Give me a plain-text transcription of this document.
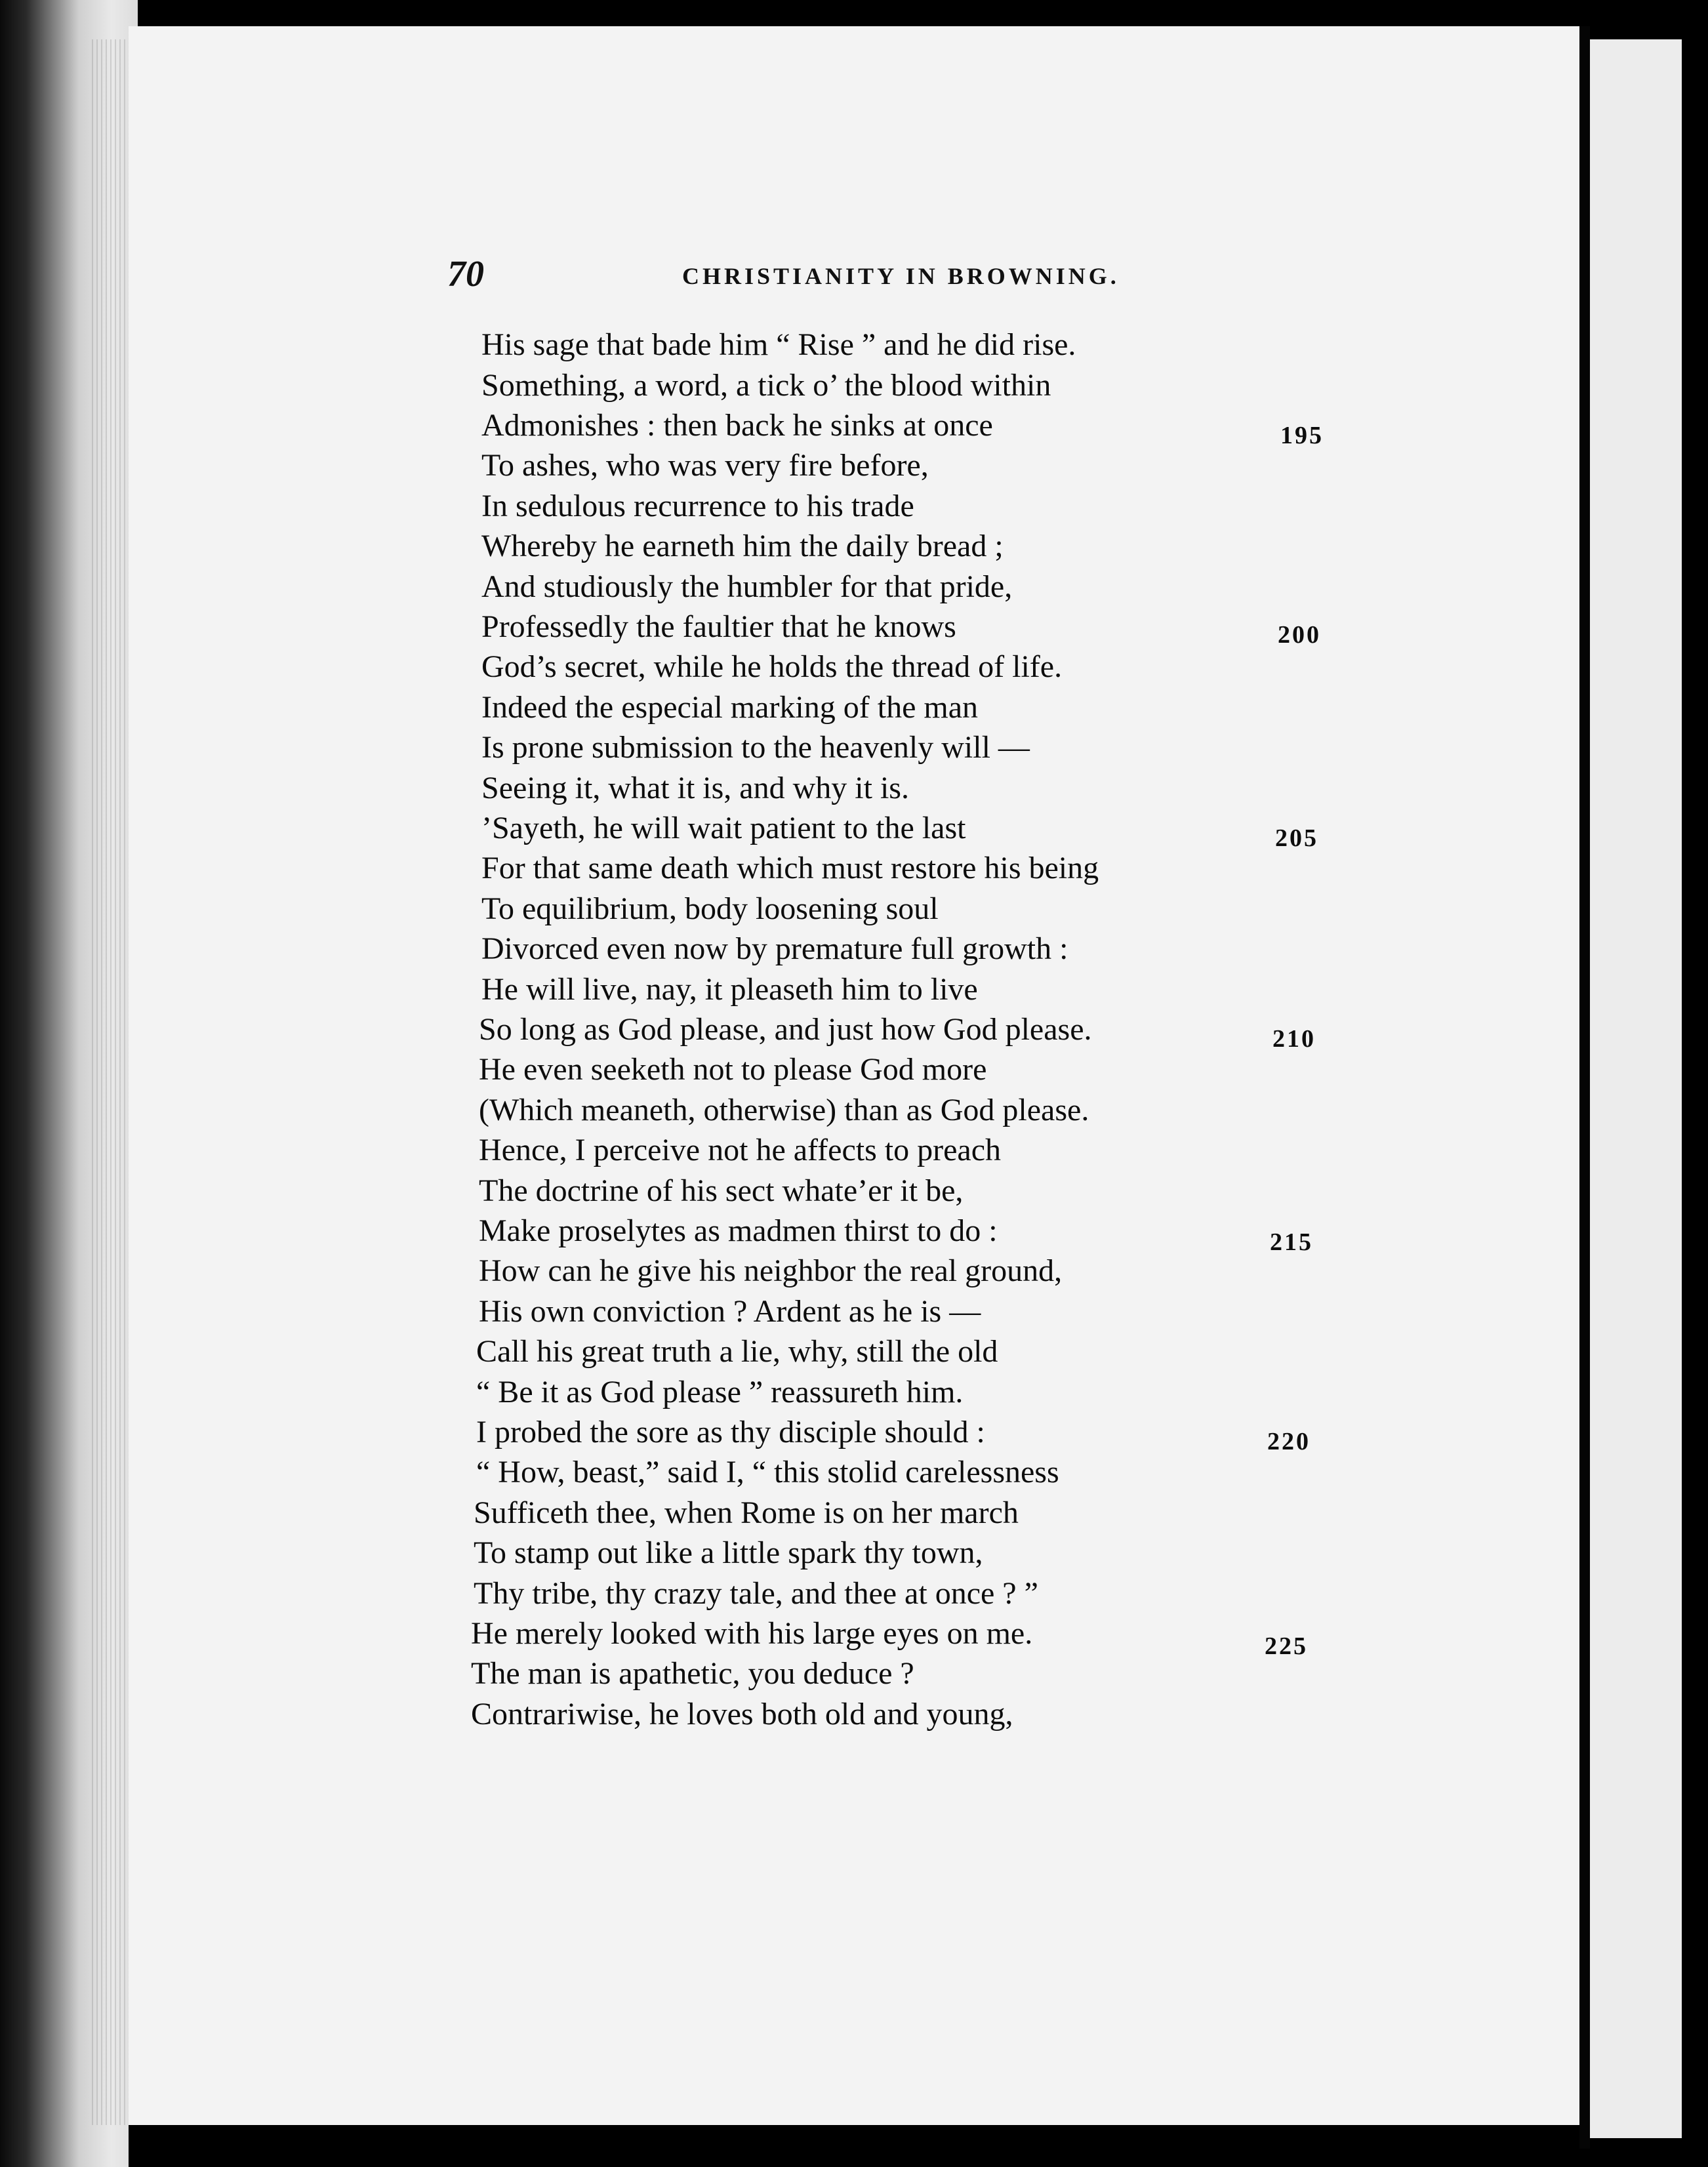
70	CHRISTIANITY IN BROWNING.
His sage that bade him “ Rise ” and he did rise.
Something, a word, a tick o’ the blood within
Admonishes : then back he sinks at once
To ashes, who was very fire before,
In sedulous recurrence to his trade
Whereby he earneth him the daily bread ;
And studiously the humbler for that pride,
Professedly the faultier that he knows
God’s secret, while he holds the thread of life.
Indeed the especial marking of the man
Is prone submission to the heavenly will —
Seeing it, what it is, and why it is.
’Sayeth, he will wait patient to the last
For that same death which must restore his being
To equilibrium, body loosening soul
Divorced even now by premature full growth :
He will live, nay, it pleaseth him to live
So long as God please, and just how God please.
He even seeketh not to please God more
(Which meaneth, otherwise) than as God please.
Hence, I perceive not he affects to preach
The doctrine of his sect whate’er it be,
Make proselytes as madmen thirst to do :
How can he give his neighbor the real ground,
His own conviction ? Ardent as he is —
Call his great truth a lie, why, still the old
“ Be it as God please ” reassureth him.
I probed the sore as thy disciple should :
“ How, beast,” said I, “ this stolid carelessness
Sufficeth thee, when Rome is on her march
To stamp out like a little spark thy town,
Thy tribe, thy crazy tale, and thee at once ? ”
He merely looked with his large eyes on me.
The man is apathetic, you deduce ?
Contrariwise, he loves both old and young,
195
200
205
210
215
220
225
